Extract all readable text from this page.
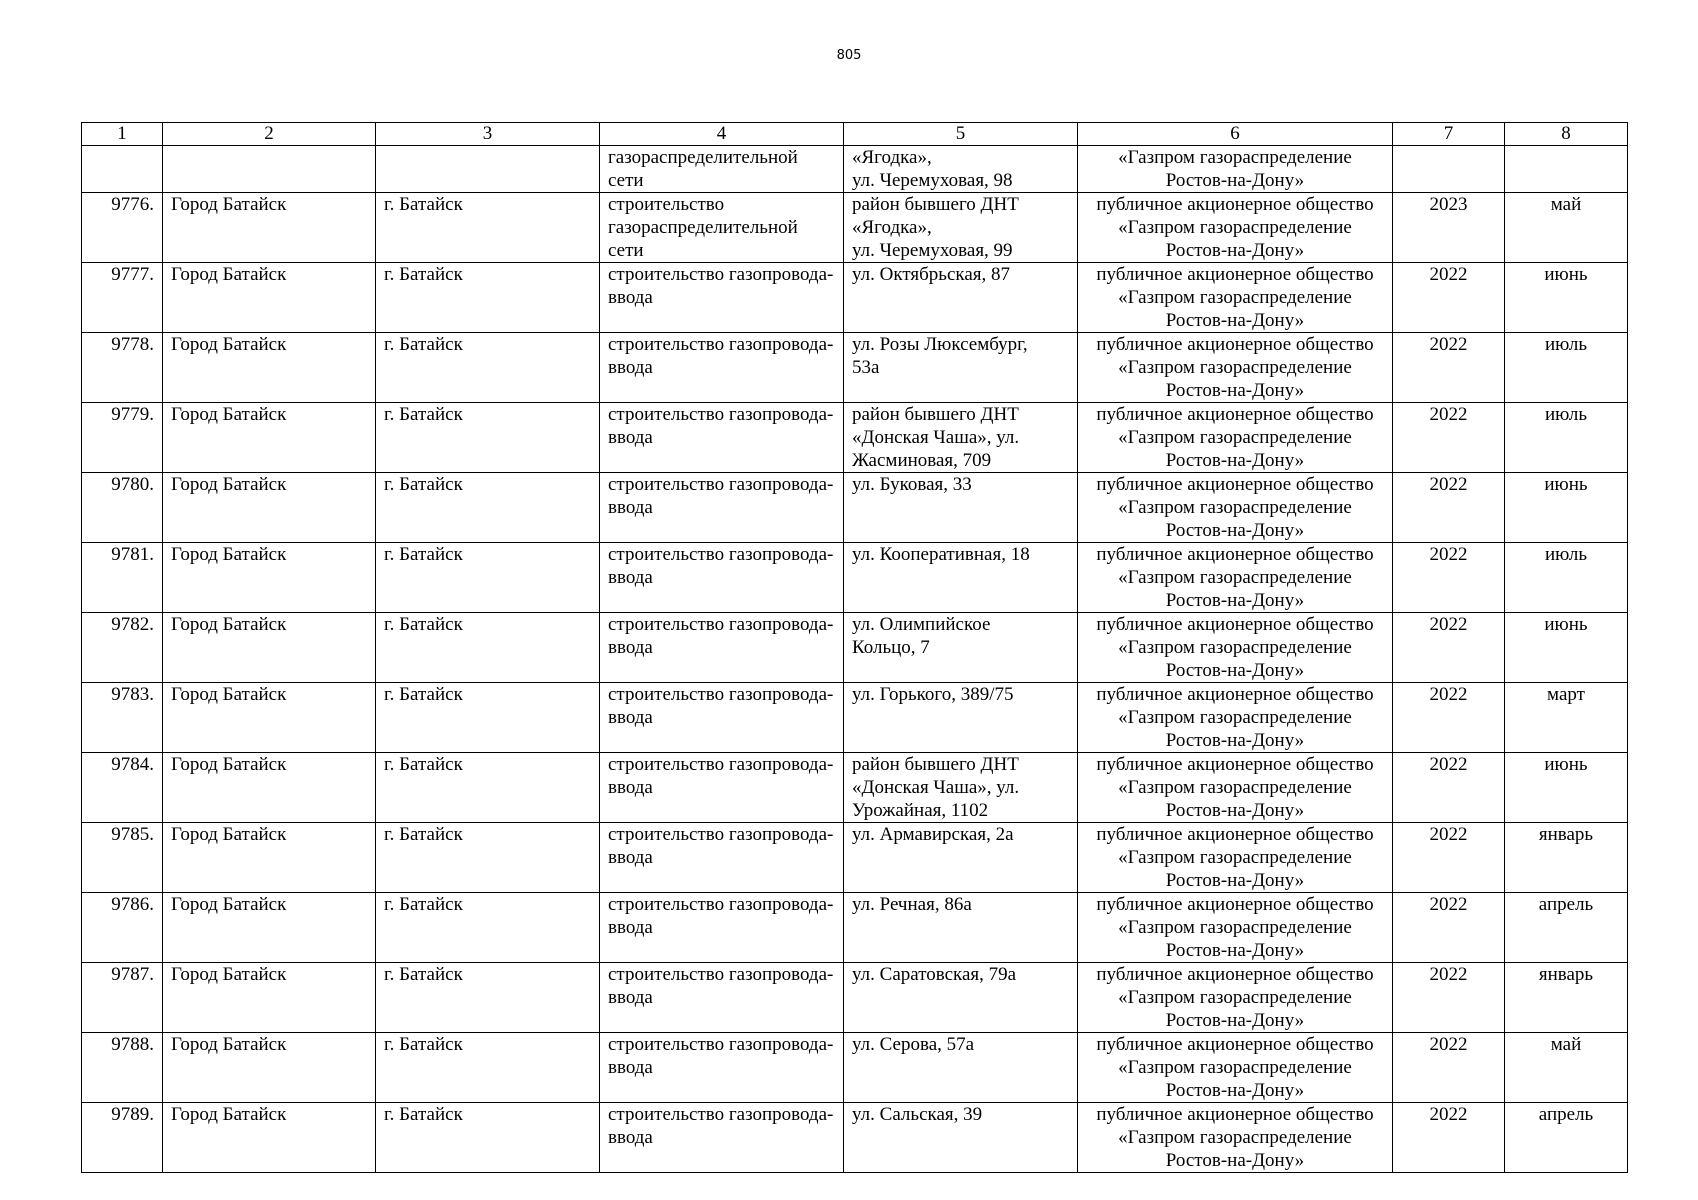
805
1	2	3	4	5	6	7	8
			газораспределительной сети	«Ягодка»,
ул. Черемуховая, 98	«Газпром газораспределение
Ростов-на-Дону»		
9776.	Город Батайск	г. Батайск	строительство газораспределительной сети	район бывшего ДНТ
«Ягодка»,
ул. Черемуховая, 99	публичное акционерное общество
«Газпром газораспределение
Ростов-на-Дону»	2023	май
9777.	Город Батайск	г. Батайск	строительство газопровода-ввода	ул. Октябрьская, 87	публичное акционерное общество
«Газпром газораспределение
Ростов-на-Дону»	2022	июнь
9778.	Город Батайск	г. Батайск	строительство газопровода-ввода	ул. Розы Люксембург,
53а	публичное акционерное общество
«Газпром газораспределение
Ростов-на-Дону»	2022	июль
9779.	Город Батайск	г. Батайск	строительство газопровода-ввода	район бывшего ДНТ
«Донская Чаша», ул.
Жасминовая, 709	публичное акционерное общество
«Газпром газораспределение
Ростов-на-Дону»	2022	июль
9780.	Город Батайск	г. Батайск	строительство газопровода-ввода	ул. Буковая, 33	публичное акционерное общество
«Газпром газораспределение
Ростов-на-Дону»	2022	июнь
9781.	Город Батайск	г. Батайск	строительство газопровода-ввода	ул. Кооперативная, 18	публичное акционерное общество
«Газпром газораспределение
Ростов-на-Дону»	2022	июль
9782.	Город Батайск	г. Батайск	строительство газопровода-ввода	ул. Олимпийское
Кольцо, 7	публичное акционерное общество
«Газпром газораспределение
Ростов-на-Дону»	2022	июнь
9783.	Город Батайск	г. Батайск	строительство газопровода-ввода	ул. Горького, 389/75	публичное акционерное общество
«Газпром газораспределение
Ростов-на-Дону»	2022	март
9784.	Город Батайск	г. Батайск	строительство газопровода-ввода	район бывшего ДНТ
«Донская Чаша», ул.
Урожайная, 1102	публичное акционерное общество
«Газпром газораспределение
Ростов-на-Дону»	2022	июнь
9785.	Город Батайск	г. Батайск	строительство газопровода-ввода	ул. Армавирская, 2а	публичное акционерное общество
«Газпром газораспределение
Ростов-на-Дону»	2022	январь
9786.	Город Батайск	г. Батайск	строительство газопровода-ввода	ул. Речная, 86а	публичное акционерное общество
«Газпром газораспределение
Ростов-на-Дону»	2022	апрель
9787.	Город Батайск	г. Батайск	строительство газопровода-ввода	ул. Саратовская, 79а	публичное акционерное общество
«Газпром газораспределение
Ростов-на-Дону»	2022	январь
9788.	Город Батайск	г. Батайск	строительство газопровода-ввода	ул. Серова, 57а	публичное акционерное общество
«Газпром газораспределение
Ростов-на-Дону»	2022	май
9789.	Город Батайск	г. Батайск	строительство газопровода-ввода	ул. Сальская, 39	публичное акционерное общество
«Газпром газораспределение
Ростов-на-Дону»	2022	апрель
